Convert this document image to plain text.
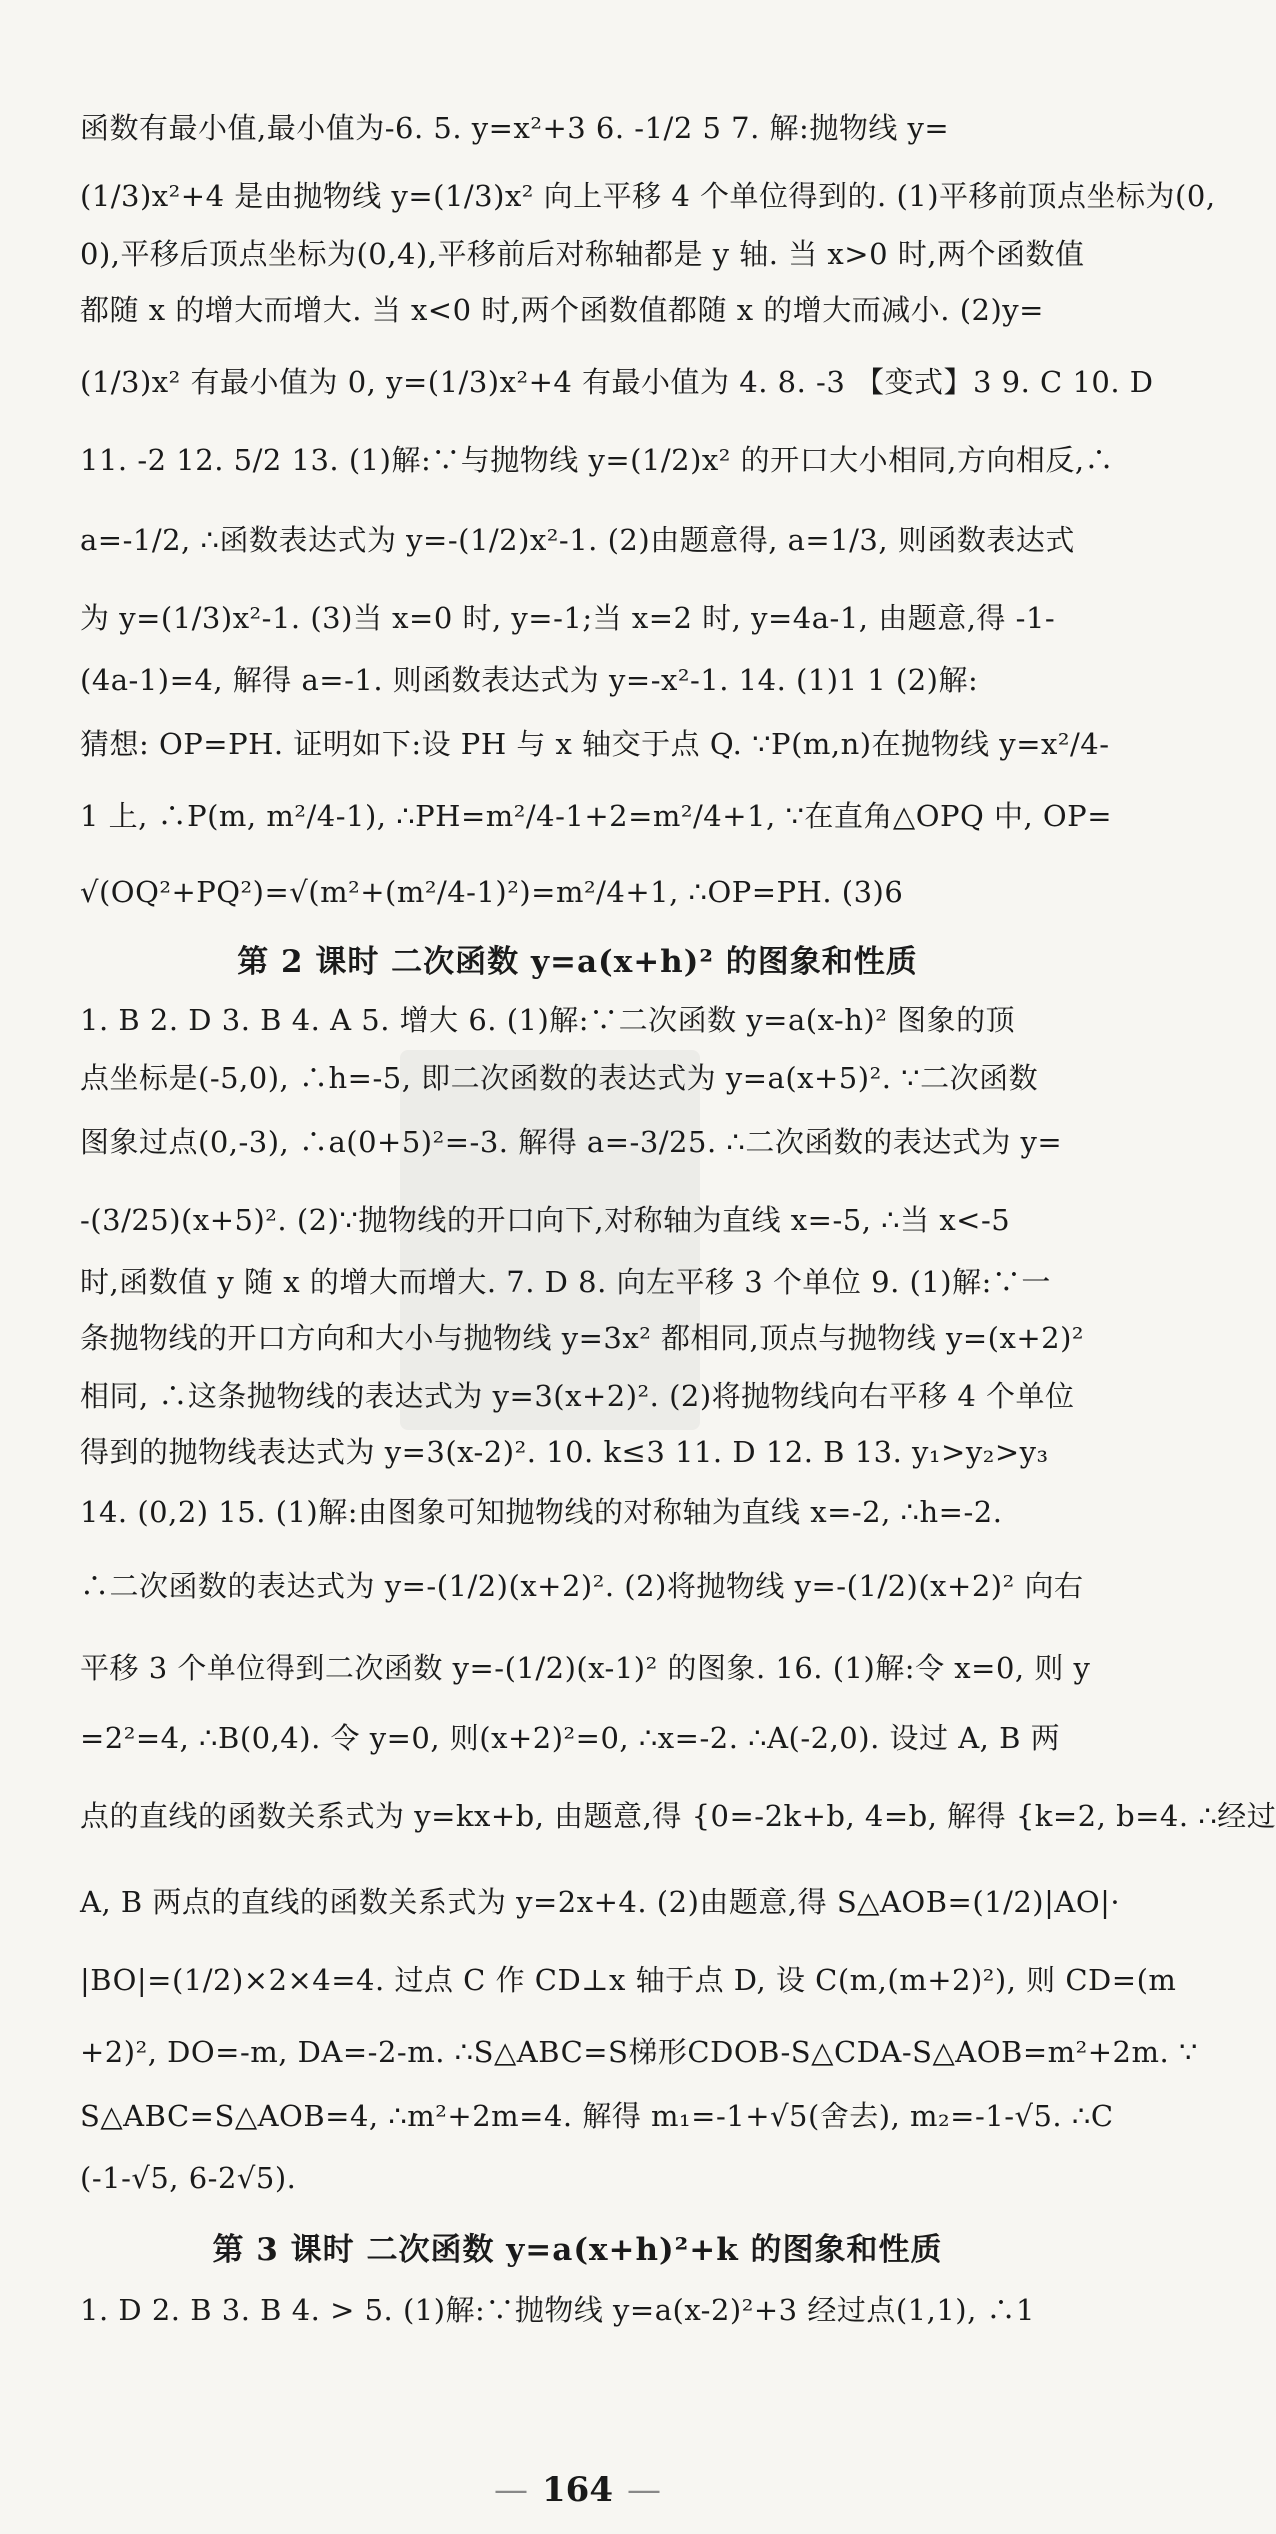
函数有最小值,最小值为-6. 5. y=x²+3 6. -1/2 5 7. 解:抛物线 y=
(1/3)x²+4 是由抛物线 y=(1/3)x² 向上平移 4 个单位得到的. (1)平移前顶点坐标为(0,
0),平移后顶点坐标为(0,4),平移前后对称轴都是 y 轴. 当 x>0 时,两个函数值
都随 x 的增大而增大. 当 x<0 时,两个函数值都随 x 的增大而减小. (2)y=
(1/3)x² 有最小值为 0, y=(1/3)x²+4 有最小值为 4. 8. -3 【变式】3 9. C 10. D
11. -2 12. 5/2 13. (1)解:∵与抛物线 y=(1/2)x² 的开口大小相同,方向相反,∴
a=-1/2, ∴函数表达式为 y=-(1/2)x²-1. (2)由题意得, a=1/3, 则函数表达式
为 y=(1/3)x²-1. (3)当 x=0 时, y=-1;当 x=2 时, y=4a-1, 由题意,得 -1-
(4a-1)=4, 解得 a=-1. 则函数表达式为 y=-x²-1. 14. (1)1 1 (2)解:
猜想: OP=PH. 证明如下:设 PH 与 x 轴交于点 Q. ∵P(m,n)在抛物线 y=x²/4-
1 上, ∴P(m, m²/4-1), ∴PH=m²/4-1+2=m²/4+1, ∵在直角△OPQ 中, OP=
√(OQ²+PQ²)=√(m²+(m²/4-1)²)=m²/4+1, ∴OP=PH. (3)6
第 2 课时 二次函数 y=a(x+h)² 的图象和性质
1. B 2. D 3. B 4. A 5. 增大 6. (1)解:∵二次函数 y=a(x-h)² 图象的顶
点坐标是(-5,0), ∴h=-5, 即二次函数的表达式为 y=a(x+5)². ∵二次函数
图象过点(0,-3), ∴a(0+5)²=-3. 解得 a=-3/25. ∴二次函数的表达式为 y=
-(3/25)(x+5)². (2)∵抛物线的开口向下,对称轴为直线 x=-5, ∴当 x<-5
时,函数值 y 随 x 的增大而增大. 7. D 8. 向左平移 3 个单位 9. (1)解:∵一
条抛物线的开口方向和大小与抛物线 y=3x² 都相同,顶点与抛物线 y=(x+2)²
相同, ∴这条抛物线的表达式为 y=3(x+2)². (2)将抛物线向右平移 4 个单位
得到的抛物线表达式为 y=3(x-2)². 10. k≤3 11. D 12. B 13. y₁>y₂>y₃
14. (0,2) 15. (1)解:由图象可知抛物线的对称轴为直线 x=-2, ∴h=-2.
∴二次函数的表达式为 y=-(1/2)(x+2)². (2)将抛物线 y=-(1/2)(x+2)² 向右
平移 3 个单位得到二次函数 y=-(1/2)(x-1)² 的图象. 16. (1)解:令 x=0, 则 y
=2²=4, ∴B(0,4). 令 y=0, 则(x+2)²=0, ∴x=-2. ∴A(-2,0). 设过 A, B 两
点的直线的函数关系式为 y=kx+b, 由题意,得 {0=-2k+b, 4=b, 解得 {k=2, b=4. ∴经过
A, B 两点的直线的函数关系式为 y=2x+4. (2)由题意,得 S△AOB=(1/2)|AO|·
|BO|=(1/2)×2×4=4. 过点 C 作 CD⊥x 轴于点 D, 设 C(m,(m+2)²), 则 CD=(m
+2)², DO=-m, DA=-2-m. ∴S△ABC=S梯形CDOB-S△CDA-S△AOB=m²+2m. ∵
S△ABC=S△AOB=4, ∴m²+2m=4. 解得 m₁=-1+√5(舍去), m₂=-1-√5. ∴C
(-1-√5, 6-2√5).
第 3 课时 二次函数 y=a(x+h)²+k 的图象和性质
1. D 2. B 3. B 4. > 5. (1)解:∵抛物线 y=a(x-2)²+3 经过点(1,1), ∴1
— 164 —
